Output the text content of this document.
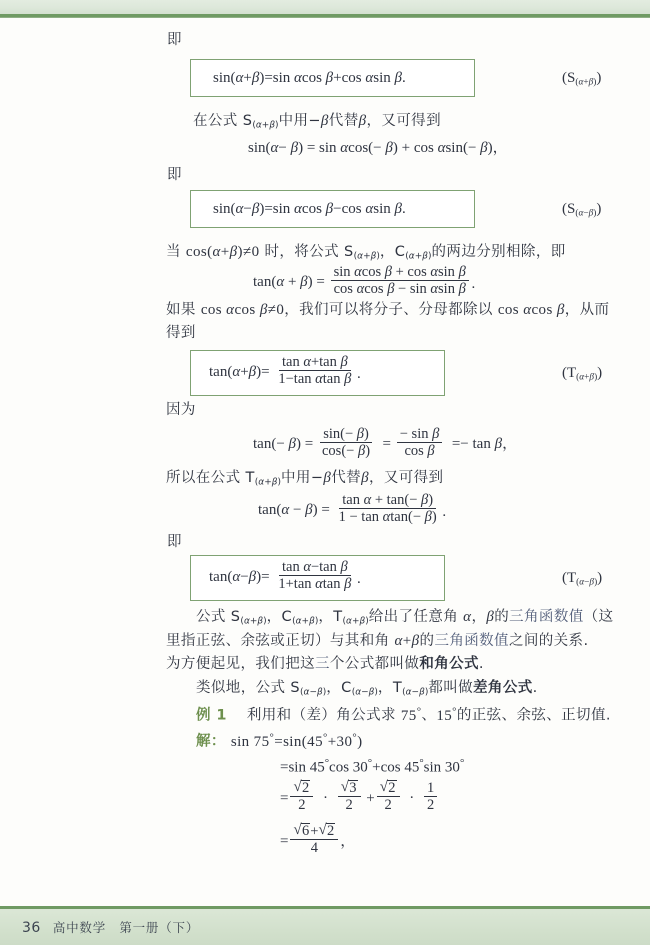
即
sin(α+β)=sin αcos β+cos αsin β.	$(S_{(\alpha+\beta)})$
在公式 $S_{(\alpha+\beta)}$中用−β代替β，又可得到
sin(α− β) = sin αcos(− β) + cos αsin(− β)，
即
sin(α−β)=sin αcos β−cos αsin β.	$(S_{(\alpha-\beta)})$
当 cos(α+β)≠0 时，将公式 $S_{(\alpha+\beta)}$，$C_{(\alpha+\beta)}$的两边分别相除，即
$\tan(\alpha + \beta) = \frac{\text{sin αcos β + cos αsin β}}{\text{cos αcos β − sin αsin β}}$ ·
如果 cos αcos β≠0，我们可以将分子、分母都除以 cos αcos β，从而
得到
$\tan(\alpha+\beta)= \frac{\text{tan α+tan β}}{\text{1−tan αtan β}}$ ·	$(T_{(\alpha+\beta)})$
因为
$\tan(- \beta) = \frac{\sin(- \beta)}{\cos(- \beta)} = \frac{\text{− sin β}}{\text{cos β}} =- \tan \beta$，
所以在公式 $T_{(\alpha+\beta)}$中用−β代替β，又可得到
$\tan(\alpha - \beta) = \frac{\text{tan α + tan(− β)}}{\text{1 − tan αtan(− β)}}$ ·
即
$\tan(\alpha-\beta)= \frac{\text{tan α−tan β}}{\text{1+tan αtan β}}$ ·	$(T_{(\alpha-\beta)})$
公式 $S_{(\alpha+\beta)}$，$C_{(\alpha+\beta)}$，$T_{(\alpha+\beta)}$给出了任意角 α，β的三角函数值（这
里指正弦、余弦或正切）与其和角 α+β的三角函数值之间的关系.
为方便起见，我们把这三个公式都叫做和角公式.
类似地，公式 $S_{(\alpha-\beta)}$，$C_{(\alpha-\beta)}$，$T_{(\alpha-\beta)}$都叫做差角公式.
例 1    利用和（差）角公式求 75°、15°的正弦、余弦、正切值.
解： sin 75°=sin(45°+30°)
=sin 45°cos 30°+cos 45°sin 30°
= √ $\frac{2}{2}$ · √ $\frac{3}{2}$ + √ $\frac{2}{2} \cdot \frac{1}{2}$
= √ $\frac{6+ √ 2}{4}$ ，
36 高中数学　第一册（下）
